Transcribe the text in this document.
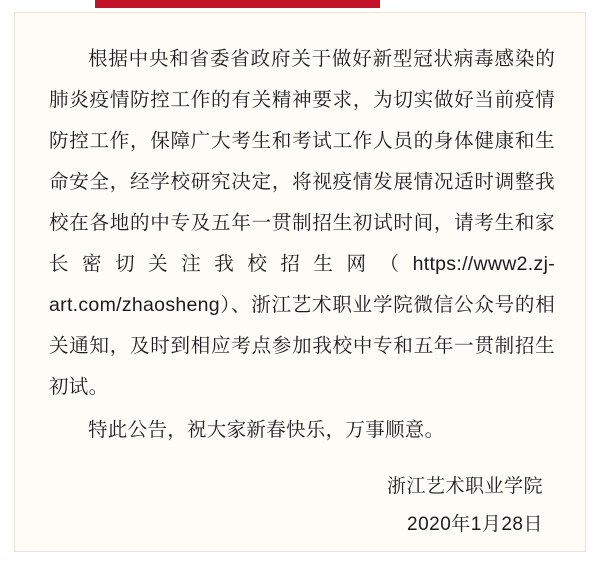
根据中央和省委省政府关于做好新型冠状病毒感染的肺炎疫情防控工作的有关精神要求，为切实做好当前疫情防控工作，保障广大考生和考试工作人员的身体健康和生命安全，经学校研究决定，将视疫情发展情况适时调整我校在各地的中专及五年一贯制招生初试时间，请考生和家长密切关注我校招生网（https://www2.zj-art.com/zhaosheng）、浙江艺术职业学院微信公众号的相关通知，及时到相应考点参加我校中专和五年一贯制招生初试。

特此公告，祝大家新春快乐，万事顺意。

浙江艺术职业学院
2020年1月28日
